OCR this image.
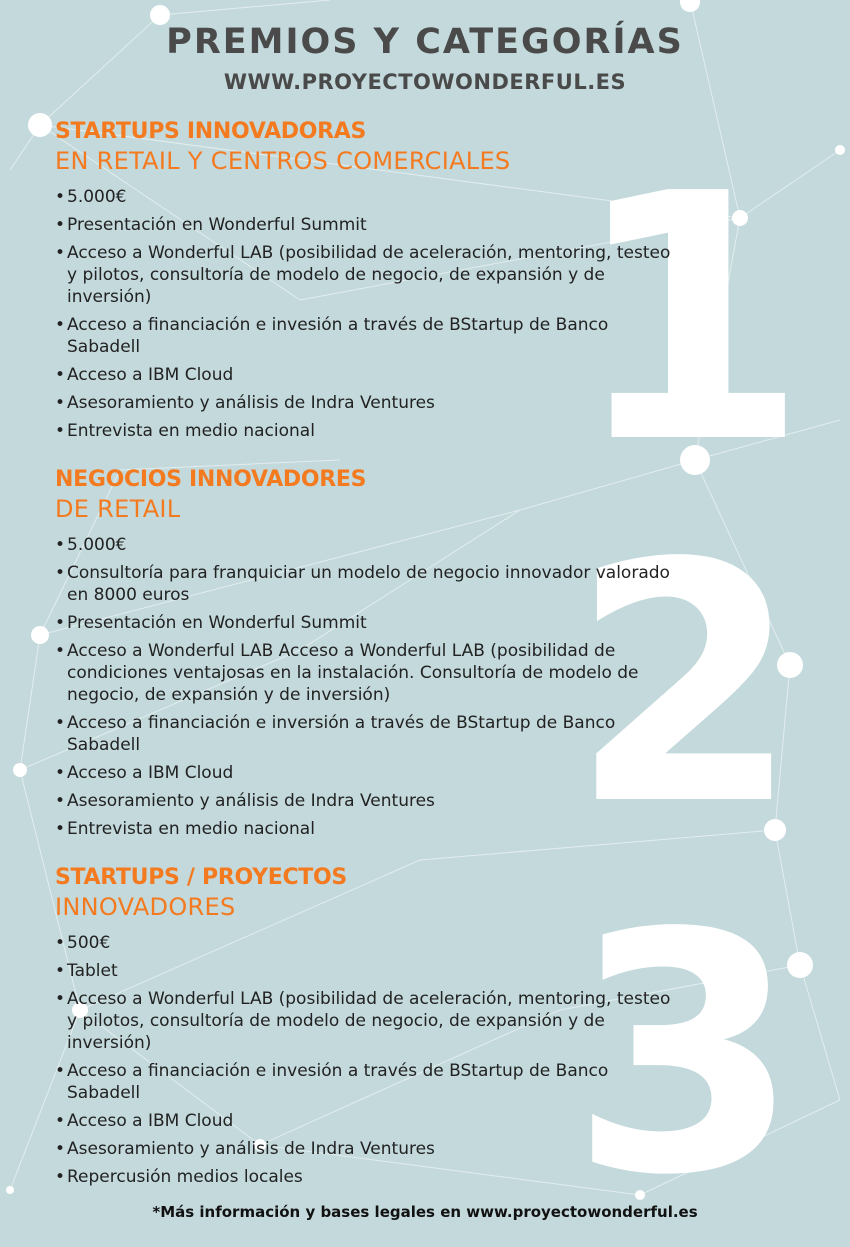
1
2
3
PREMIOS Y CATEGORÍAS
WWW.PROYECTOWONDERFUL.ES

STARTUPS INNOVADORAS

EN RETAIL Y CENTROS COMERCIALES

• 5.000€
• Presentación en Wonderful Summit
• Acceso a Wonderful LAB (posibilidad de aceleración, mentoring, testeo y pilotos, consultoría de modelo de negocio, de expansión y de inversión)
• Acceso a financiación e invesión a través de BStartup de Banco Sabadell
• Acceso a IBM Cloud
• Asesoramiento y análisis de Indra Ventures
• Entrevista en medio nacional

NEGOCIOS INNOVADORES

DE RETAIL

• 5.000€
• Consultoría para franquiciar un modelo de negocio innovador valorado en 8000 euros
• Presentación en Wonderful Summit
• Acceso a Wonderful LAB Acceso a Wonderful LAB (posibilidad de condiciones ventajosas en la instalación. Consultoría de modelo de negocio, de expansión y de inversión)
• Acceso a financiación e inversión a través de BStartup de Banco Sabadell
• Acceso a IBM Cloud
• Asesoramiento y análisis de Indra Ventures
• Entrevista en medio nacional

STARTUPS / PROYECTOS

INNOVADORES

• 500€
• Tablet
• Acceso a Wonderful LAB (posibilidad de aceleración, mentoring, testeo y pilotos, consultoría de modelo de negocio, de expansión y de inversión)
• Acceso a financiación e invesión a través de BStartup de Banco Sabadell
• Acceso a IBM Cloud
• Asesoramiento y análisis de Indra Ventures
• Repercusión medios locales
*Más información y bases legales en www.proyectowonderful.es
